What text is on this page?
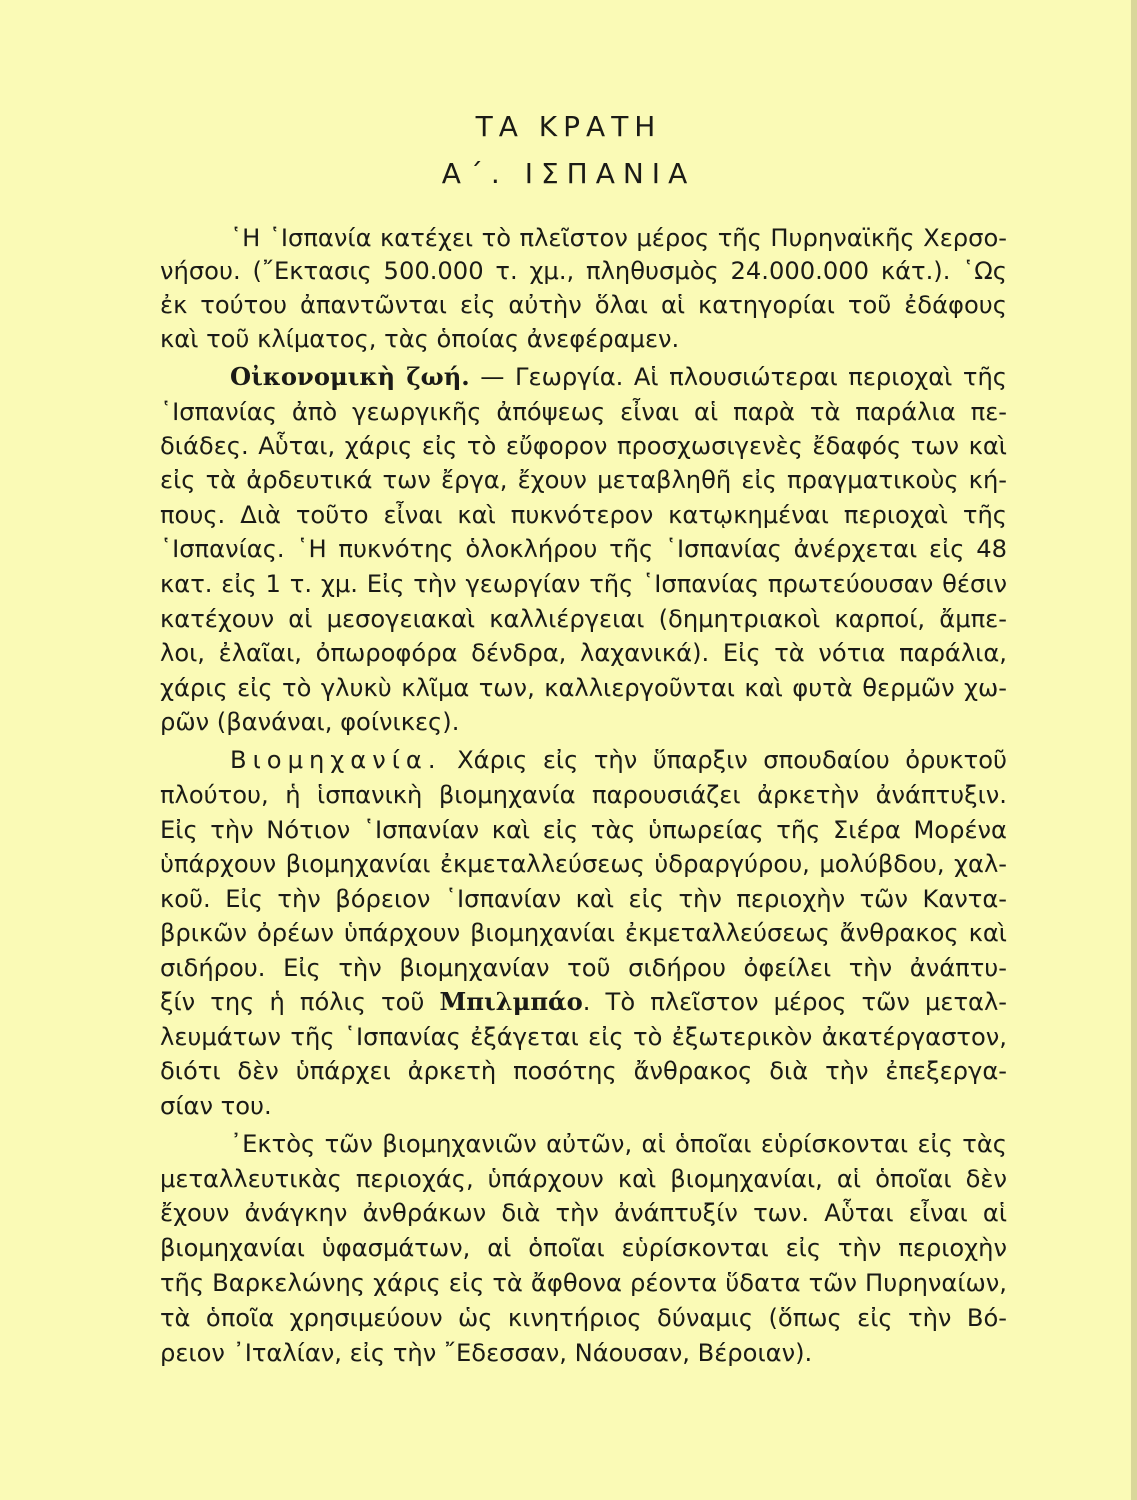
ΤΑ ΚΡΑΤΗ
Α΄. ΙΣΠΑΝΙΑ
῾Η ῾Ισπανία κατέχει τὸ πλεῖστον μέρος τῆς Πυρηναϊκῆς Χερσο-
νήσου. (῎Εκτασις 500.000 τ. χμ., πληθυσμὸς 24.000.000 κάτ.). ῾Ως
ἐκ τούτου ἀπαντῶνται εἰς αὐτὴν ὅλαι αἱ κατηγορίαι τοῦ ἐδάφους
καὶ τοῦ κλίματος, τὰς ὁποίας ἀνεφέραμεν.
Οἰκονομικὴ ζωή. — Γεωργία. Αἱ πλουσιώτεραι περιοχαὶ τῆς
῾Ισπανίας ἀπὸ γεωργικῆς ἀπόψεως εἶναι αἱ παρὰ τὰ παράλια πε-
διάδες. Αὗται, χάρις εἰς τὸ εὔφορον προσχωσιγενὲς ἔδαφός των καὶ
εἰς τὰ ἀρδευτικά των ἔργα, ἔχουν μεταβληθῆ εἰς πραγματικοὺς κή-
πους. Διὰ τοῦτο εἶναι καὶ πυκνότερον κατῳκημέναι περιοχαὶ τῆς
῾Ισπανίας. ῾Η πυκνότης ὁλοκλήρου τῆς ῾Ισπανίας ἀνέρχεται εἰς 48
κατ. εἰς 1 τ. χμ. Εἰς τὴν γεωργίαν τῆς ῾Ισπανίας πρωτεύουσαν θέσιν
κατέχουν αἱ μεσογειακαὶ καλλιέργειαι (δημητριακοὶ καρποί, ἄμπε-
λοι, ἐλαῖαι, ὀπωροφόρα δένδρα, λαχανικά). Εἰς τὰ νότια παράλια,
χάρις εἰς τὸ γλυκὺ κλῖμα των, καλλιεργοῦνται καὶ φυτὰ θερμῶν χω-
ρῶν (βανάναι, φοίνικες).
Βιομηχανία. Χάρις εἰς τὴν ὕπαρξιν σπουδαίου ὀρυκτοῦ
πλούτου, ἡ ἱσπανικὴ βιομηχανία παρουσιάζει ἀρκετὴν ἀνάπτυξιν.
Εἰς τὴν Νότιον ῾Ισπανίαν καὶ εἰς τὰς ὑπωρείας τῆς Σιέρα Μορένα
ὑπάρχουν βιομηχανίαι ἐκμεταλλεύσεως ὑδραργύρου, μολύβδου, χαλ-
κοῦ. Εἰς τὴν βόρειον ῾Ισπανίαν καὶ εἰς τὴν περιοχὴν τῶν Καντα-
βρικῶν ὀρέων ὑπάρχουν βιομηχανίαι ἐκμεταλλεύσεως ἄνθρακος καὶ
σιδήρου. Εἰς τὴν βιομηχανίαν τοῦ σιδήρου ὀφείλει τὴν ἀνάπτυ-
ξίν της ἡ πόλις τοῦ Μπιλμπάο. Τὸ πλεῖστον μέρος τῶν μεταλ-
λευμάτων τῆς ῾Ισπανίας ἐξάγεται εἰς τὸ ἐξωτερικὸν ἀκατέργαστον,
διότι δὲν ὑπάρχει ἀρκετὴ ποσότης ἄνθρακος διὰ τὴν ἐπεξεργα-
σίαν του.
᾿Εκτὸς τῶν βιομηχανιῶν αὐτῶν, αἱ ὁποῖαι εὑρίσκονται εἰς τὰς
μεταλλευτικὰς περιοχάς, ὑπάρχουν καὶ βιομηχανίαι, αἱ ὁποῖαι δὲν
ἔχουν ἀνάγκην ἀνθράκων διὰ τὴν ἀνάπτυξίν των. Αὗται εἶναι αἱ
βιομηχανίαι ὑφασμάτων, αἱ ὁποῖαι εὑρίσκονται εἰς τὴν περιοχὴν
τῆς Βαρκελώνης χάρις εἰς τὰ ἄφθονα ρέοντα ὕδατα τῶν Πυρηναίων,
τὰ ὁποῖα χρησιμεύουν ὡς κινητήριος δύναμις (ὅπως εἰς τὴν Βό-
ρειον ᾿Ιταλίαν, εἰς τὴν ῎Εδεσσαν, Νάουσαν, Βέροιαν).
